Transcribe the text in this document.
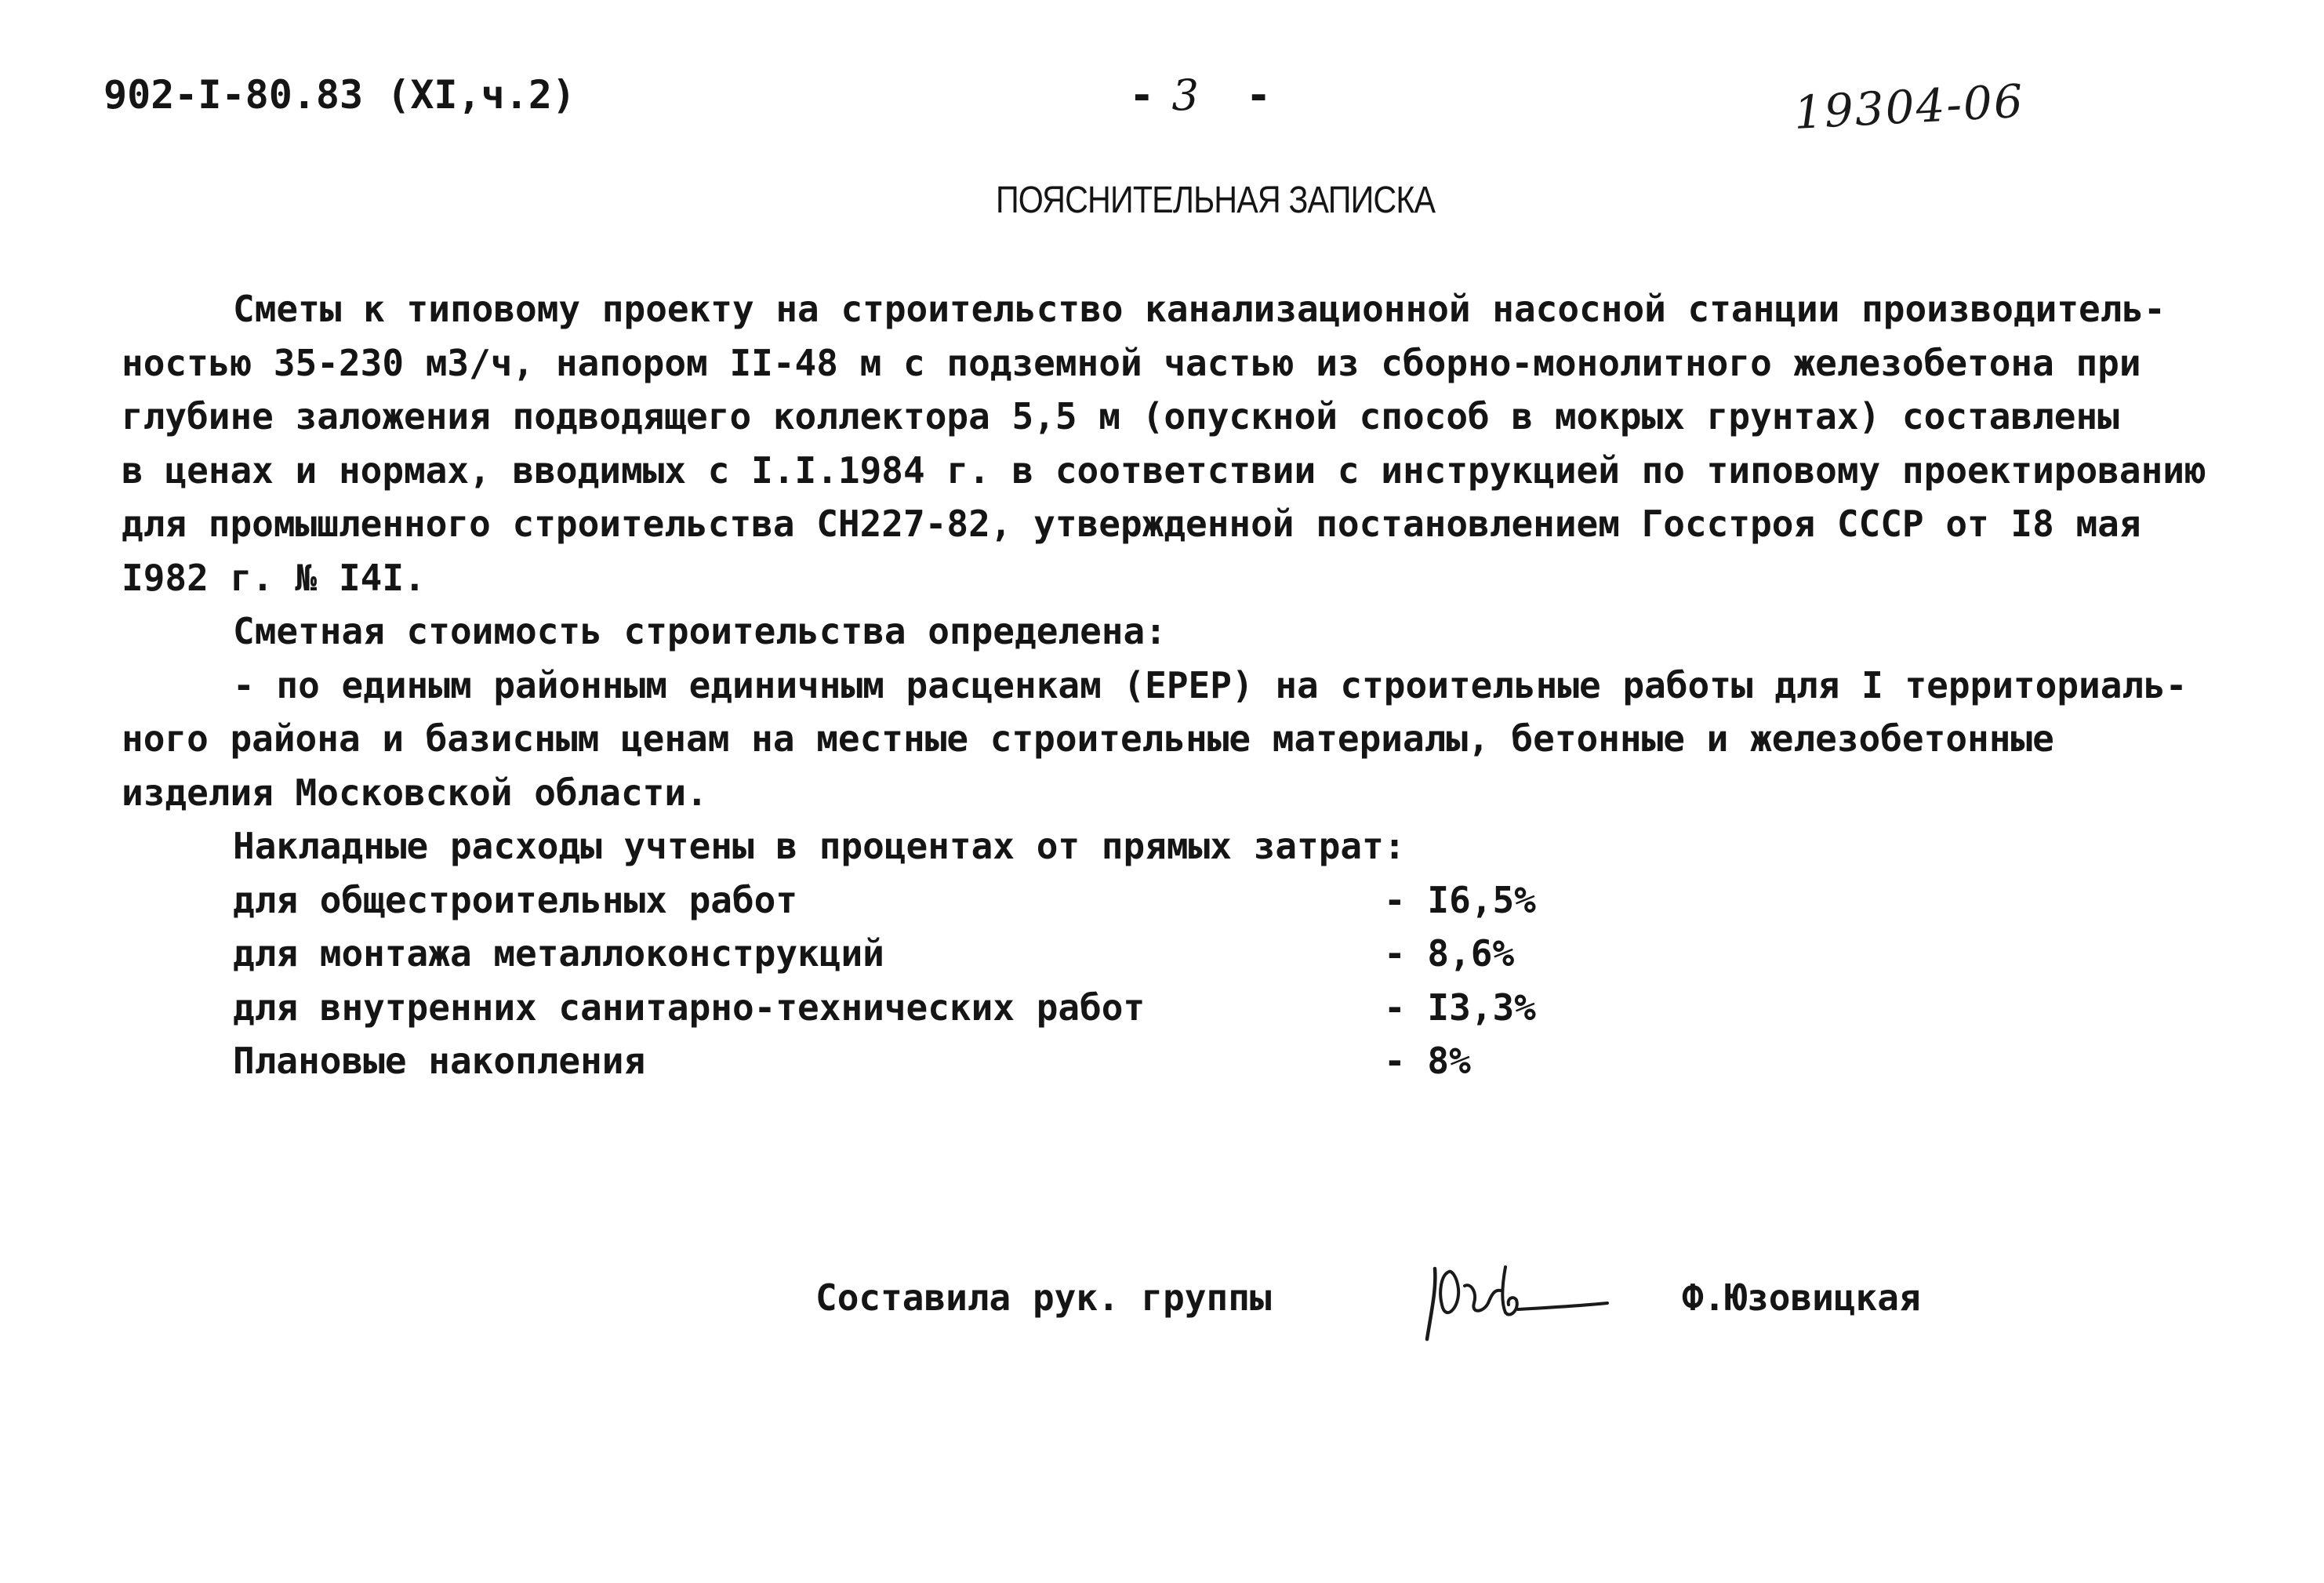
902-I-80.83 (XI,ч.2)	- 3 -	19304-06
ПОЯСНИТЕЛЬНАЯ ЗАПИСКА

Сметы к типовому проекту на строительство канализационной насосной станции производитель-

ностью 35-230 м3/ч, напором II-48 м с подземной частью из сборно-монолитного железобетона при

глубине заложения подводящего коллектора 5,5 м (опускной способ в мокрых грунтах) составлены

в ценах и нормах, вводимых с I.I.1984 г. в соответствии с инструкцией по типовому проектированию

для промышленного строительства СН227-82, утвержденной постановлением Госстроя СССР от I8 мая

I982 г. № I4I.

Сметная стоимость строительства определена:

- по единым районным единичным расценкам (ЕРЕР) на строительные работы для I территориаль-

ного района и базисным ценам на местные строительные материалы, бетонные и железобетонные

изделия Московской области.

Накладные расходы учтены в процентах от прямых затрат:

для общестроительных работ	- I6,5%
для монтажа металлоконструкций	- 8,6%
для внутренних санитарно-технических работ	- I3,3%
Плановые накопления	- 8%
Составила рук. группы	Ф.Юзовицкая
